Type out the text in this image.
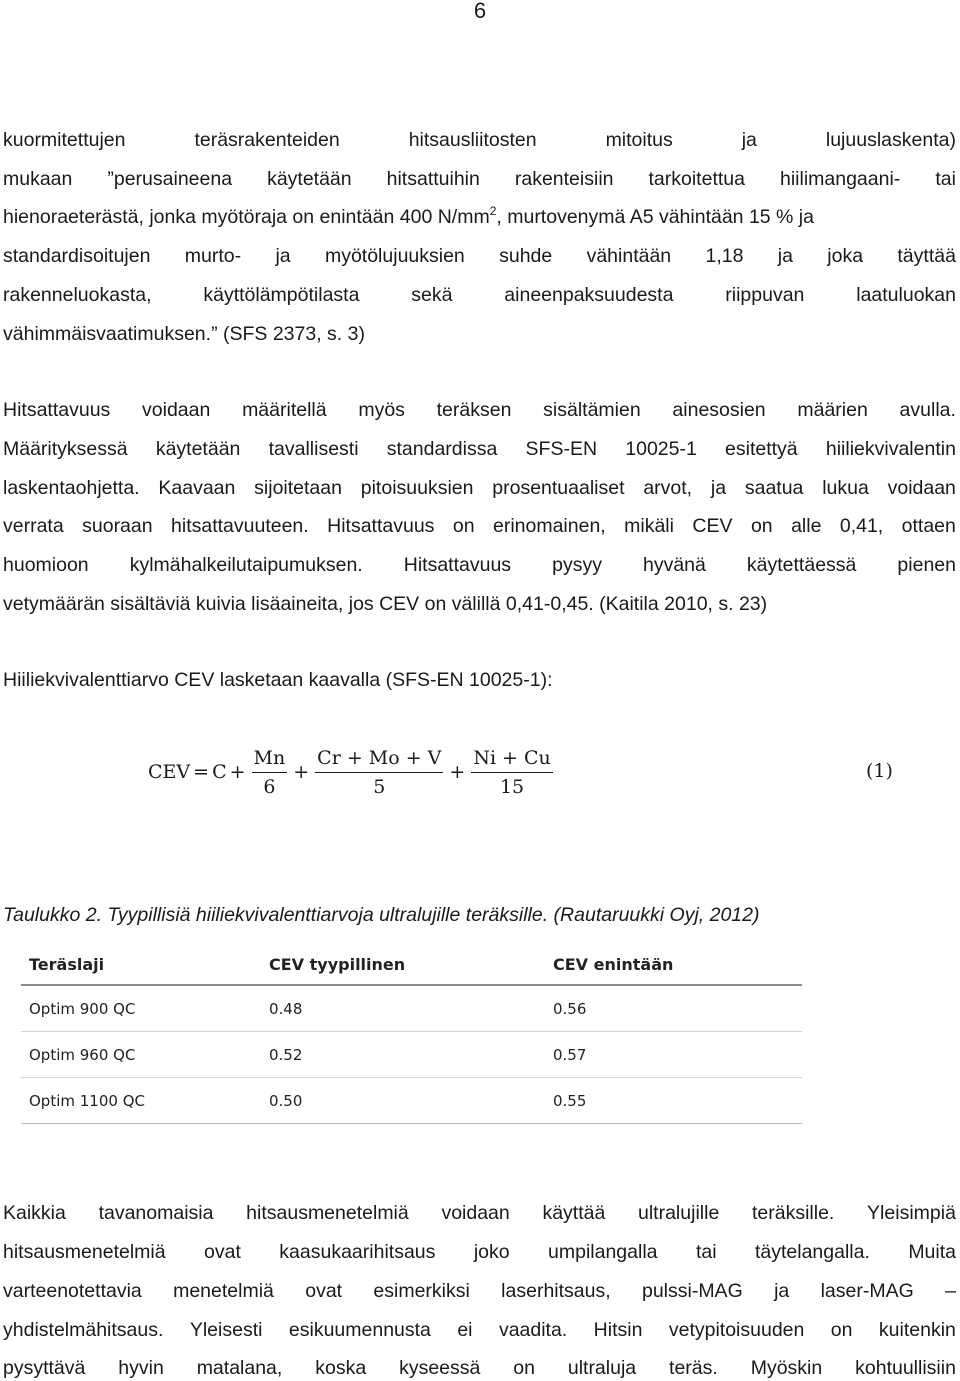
6
kuormitettujen	teräsrakenteiden	hitsausliitosten	mitoitus	ja	lujuuslaskenta)
mukaan ”perusaineena käytetään hitsattuihin rakenteisiin tarkoitettua hiilimangaani- tai
hienoraeterästä, jonka myötöraja on enintään 400 $N/mm^2$, murtovenymä A5 vähintään 15 % ja
standardisoitujen murto- ja myötölujuuksien suhde vähintään 1,18 ja joka täyttää
rakenneluokasta,	käyttölämpötilasta	sekä	aineenpaksuudesta	riippuvan	laatuluokan
vähimmäisvaatimuksen.” (SFS 2373, s. 3)
Hitsattavuus voidaan määritellä myös teräksen sisältämien ainesosien määrien avulla.
Määrityksessä käytetään tavallisesti standardissa SFS-EN 10025-1 esitettyä hiiliekvivalentin
laskentaohjetta. Kaavaan sijoitetaan pitoisuuksien prosentuaaliset arvot, ja saatua lukua voidaan
verrata suoraan hitsattavuuteen. Hitsattavuus on erinomainen, mikäli CEV on alle 0,41, ottaen
huomioon kylmähalkeilutaipumuksen. Hitsattavuus pysyy hyvänä käytettäessä pienen
vetymäärän sisältäviä kuivia lisäaineita, jos CEV on välillä 0,41-0,45. (Kaitila 2010, s. 23)
Hiiliekvivalenttiarvo CEV lasketaan kaavalla (SFS-EN 10025-1):
CEV = $C + \frac{Mn}{6} + \frac{Cr + Mo + V}{5} + \frac{Ni + Cu}{15}$	(1)
Taulukko 2. Tyypillisiä hiiliekvivalenttiarvoja ultralujille teräksille. (Rautaruukki Oyj, 2012)
Teräslaji	CEV tyypillinen	CEV enintään
Optim 900 QC	0.48	0.56
Optim 960 QC	0.52	0.57
Optim 1100 QC	0.50	0.55
Kaikkia tavanomaisia hitsausmenetelmiä voidaan käyttää ultralujille teräksille. Yleisimpiä
hitsausmenetelmiä ovat kaasukaarihitsaus joko umpilangalla tai täytelangalla. Muita
varteenotettavia menetelmiä ovat esimerkiksi laserhitsaus, pulssi-MAG ja laser-MAG –
yhdistelmähitsaus. Yleisesti esikuumennusta ei vaadita. Hitsin vetypitoisuuden on kuitenkin
pysyttävä hyvin matalana, koska kyseessä on ultraluja teräs. Myöskin kohtuullisiin
